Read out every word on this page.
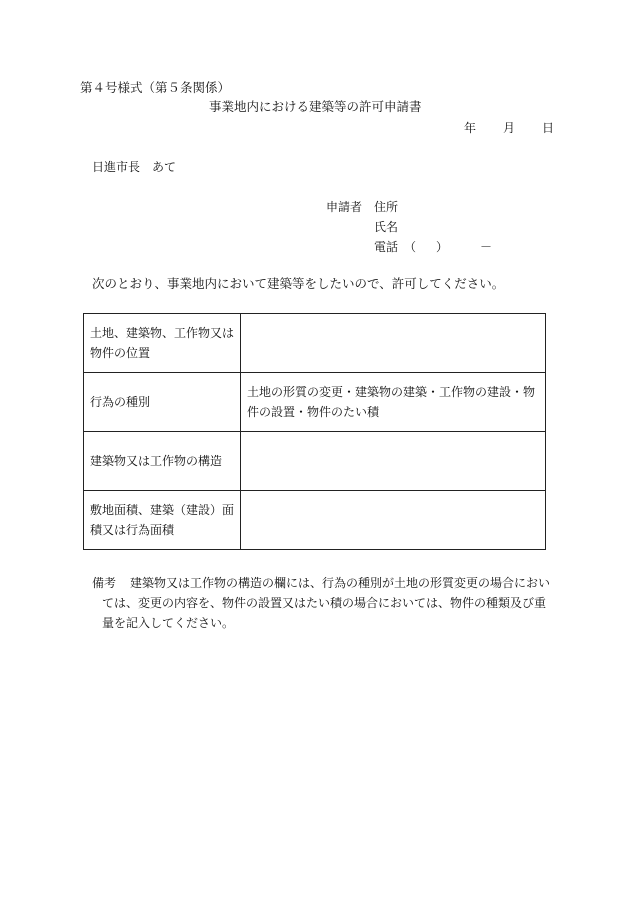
第４号様式（第５条関係）
事業地内における建築等の許可申請書
年 月 日
日進市長 あて
申請者 住所
氏名
電話 （ ）	－
次のとおり、事業地内において建築等をしたいので、許可してください。
土地、建築物、工作物又は物件の位置	
行為の種別	土地の形質の変更・建築物の建築・工作物の建設・物件の設置・物件のたい積
建築物又は工作物の構造	
敷地面積、建築（建設）面積又は行為面積	
備考	建築物又は工作物の構造の欄には、行為の種別が土地の形質変更の場合においては、変更の内容を、物件の設置又はたい積の場合においては、物件の種類及び重量を記入してください。
